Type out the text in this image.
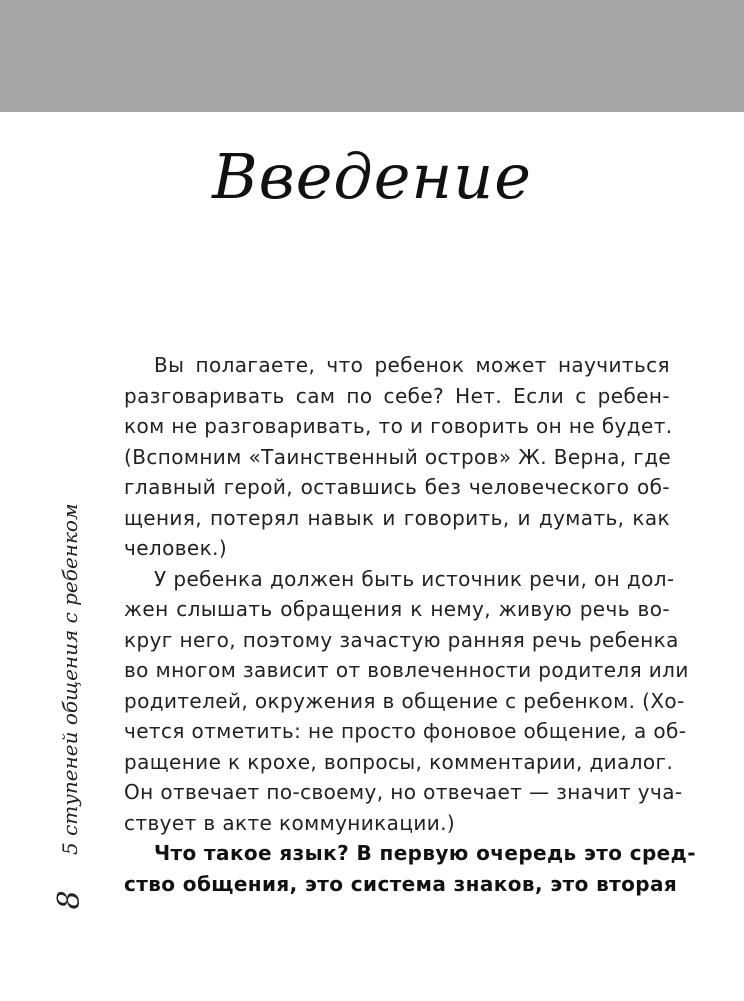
Введение
5 ступеней общения с ребенком
8
Вы полагаете, что ребенок может научиться
разговаривать сам по себе? Нет. Если с ребен-
ком не разговаривать, то и говорить он не будет.
(Вспомним «Таинственный остров» Ж. Верна, где
главный герой, оставшись без человеческого об-
щения, потерял навык и говорить, и думать, как
человек.)
У ребенка должен быть источник речи, он дол-
жен слышать обращения к нему, живую речь во-
круг него, поэтому зачастую ранняя речь ребенка
во многом зависит от вовлеченности родителя или
родителей, окружения в общение с ребенком. (Хо-
чется отметить: не просто фоновое общение, а об-
ращение к крохе, вопросы, комментарии, диалог.
Он отвечает по-своему, но отвечает — значит уча-
ствует в акте коммуникации.)
Что такое язык? В первую очередь это сред-
ство общения, это система знаков, это вторая
